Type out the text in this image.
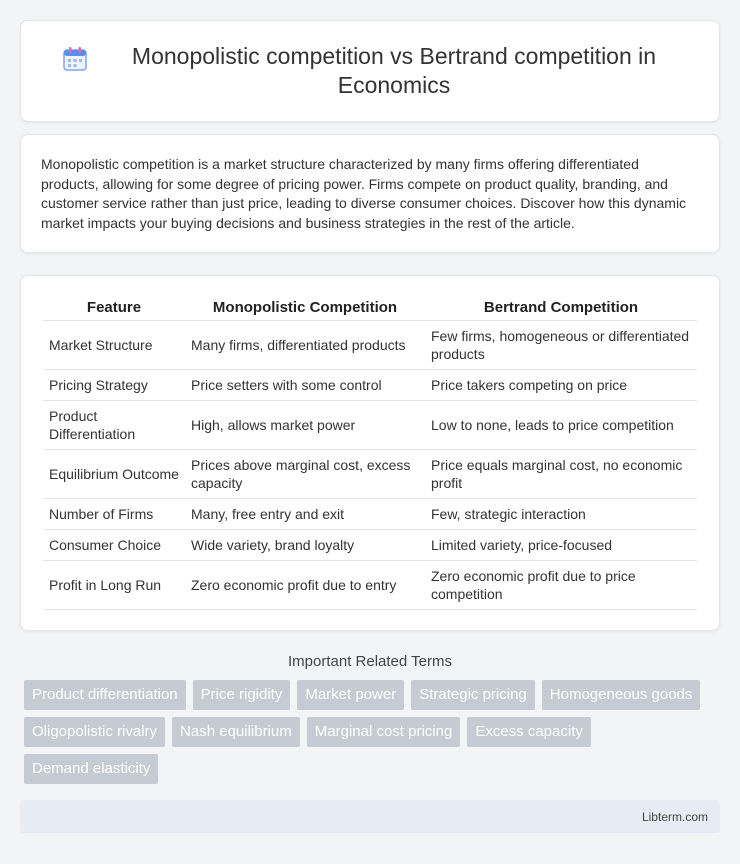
Monopolistic competition vs Bertrand competition in Economics

Monopolistic competition is a market structure characterized by many firms offering differentiated products, allowing for some degree of pricing power. Firms compete on product quality, branding, and customer service rather than just price, leading to diverse consumer choices. Discover how this dynamic market impacts your buying decisions and business strategies in the rest of the article.

Feature	Monopolistic Competition	Bertrand Competition
Market Structure	Many firms, differentiated products	Few firms, homogeneous or differentiated products
Pricing Strategy	Price setters with some control	Price takers competing on price
Product Differentiation	High, allows market power	Low to none, leads to price competition
Equilibrium Outcome	Prices above marginal cost, excess capacity	Price equals marginal cost, no economic profit
Number of Firms	Many, free entry and exit	Few, strategic interaction
Consumer Choice	Wide variety, brand loyalty	Limited variety, price-focused
Profit in Long Run	Zero economic profit due to entry	Zero economic profit due to price competition
Important Related Terms
Product differentiation	Price rigidity	Market power	Strategic pricing	Homogeneous goods
Oligopolistic rivalry	Nash equilibrium	Marginal cost pricing	Excess capacity
Demand elasticity
Libterm.com
